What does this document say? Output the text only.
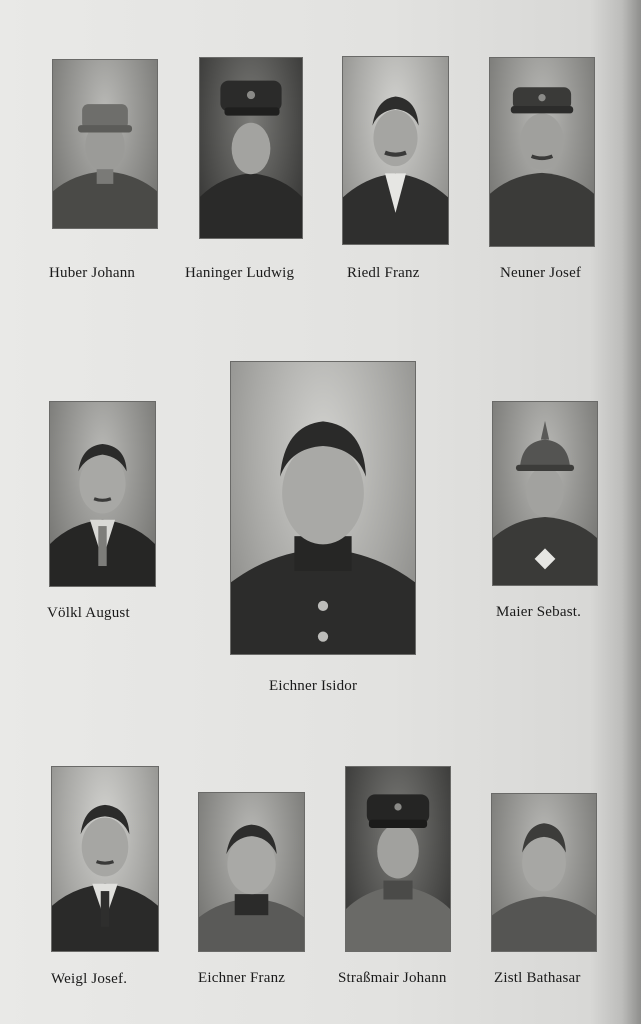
Huber Johann	Haninger Ludwig	Riedl Franz	Neuner Josef
Völkl August
Eichner Isidor
Maier Sebast.
Weigl Josef.	Eichner Franz	Straßmair Johann	Zistl Bathasar
